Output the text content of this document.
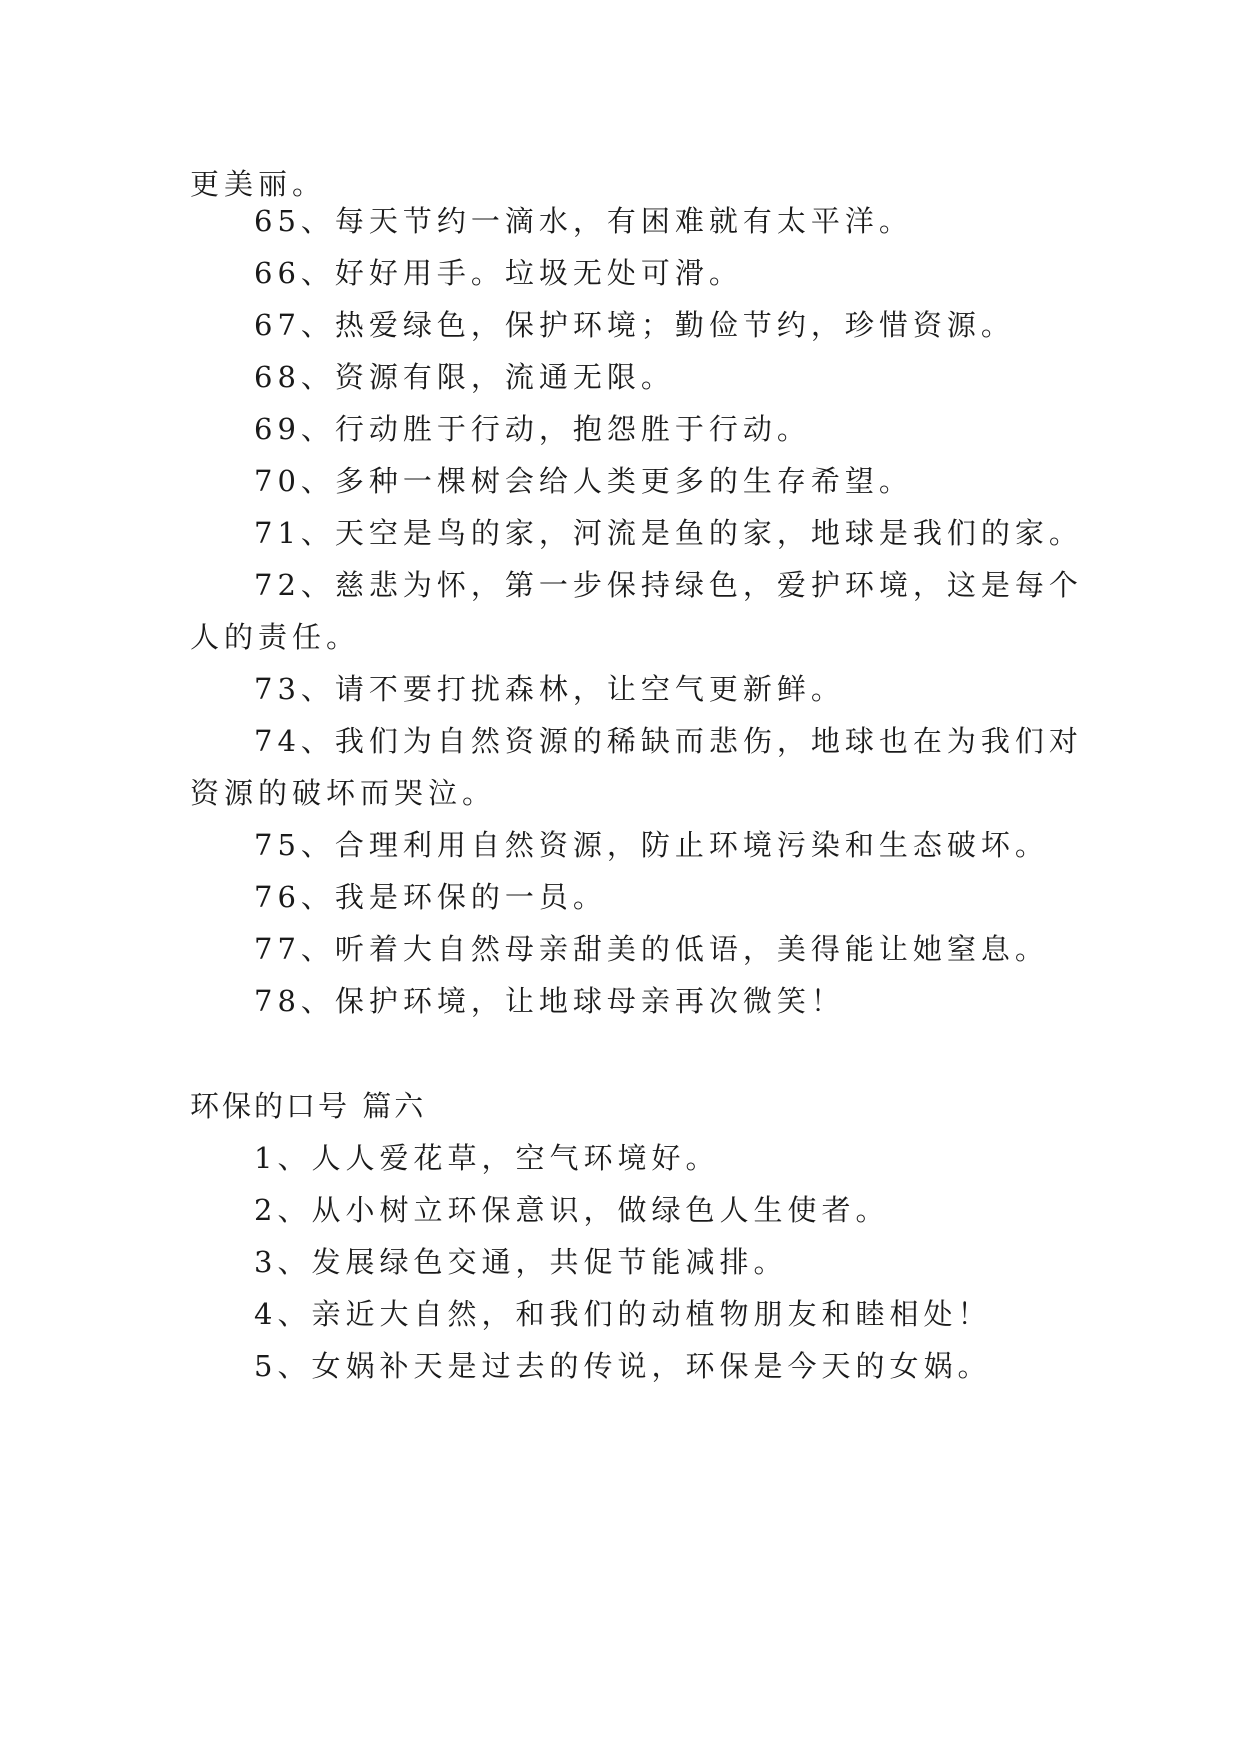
更美丽。
65、每天节约一滴水，有困难就有太平洋。
66、好好用手。垃圾无处可滑。
67、热爱绿色，保护环境；勤俭节约，珍惜资源。
68、资源有限，流通无限。
69、行动胜于行动，抱怨胜于行动。
70、多种一棵树会给人类更多的生存希望。
71、天空是鸟的家，河流是鱼的家，地球是我们的家。
72、慈悲为怀，第一步保持绿色，爱护环境，这是每个
人的责任。
73、请不要打扰森林，让空气更新鲜。
74、我们为自然资源的稀缺而悲伤，地球也在为我们对
资源的破坏而哭泣。
75、合理利用自然资源，防止环境污染和生态破坏。
76、我是环保的一员。
77、听着大自然母亲甜美的低语，美得能让她窒息。
78、保护环境，让地球母亲再次微笑！
环保的口号 篇六
1、人人爱花草，空气环境好。
2、从小树立环保意识，做绿色人生使者。
3、发展绿色交通，共促节能减排。
4、亲近大自然，和我们的动植物朋友和睦相处！
5、女娲补天是过去的传说，环保是今天的女娲。
